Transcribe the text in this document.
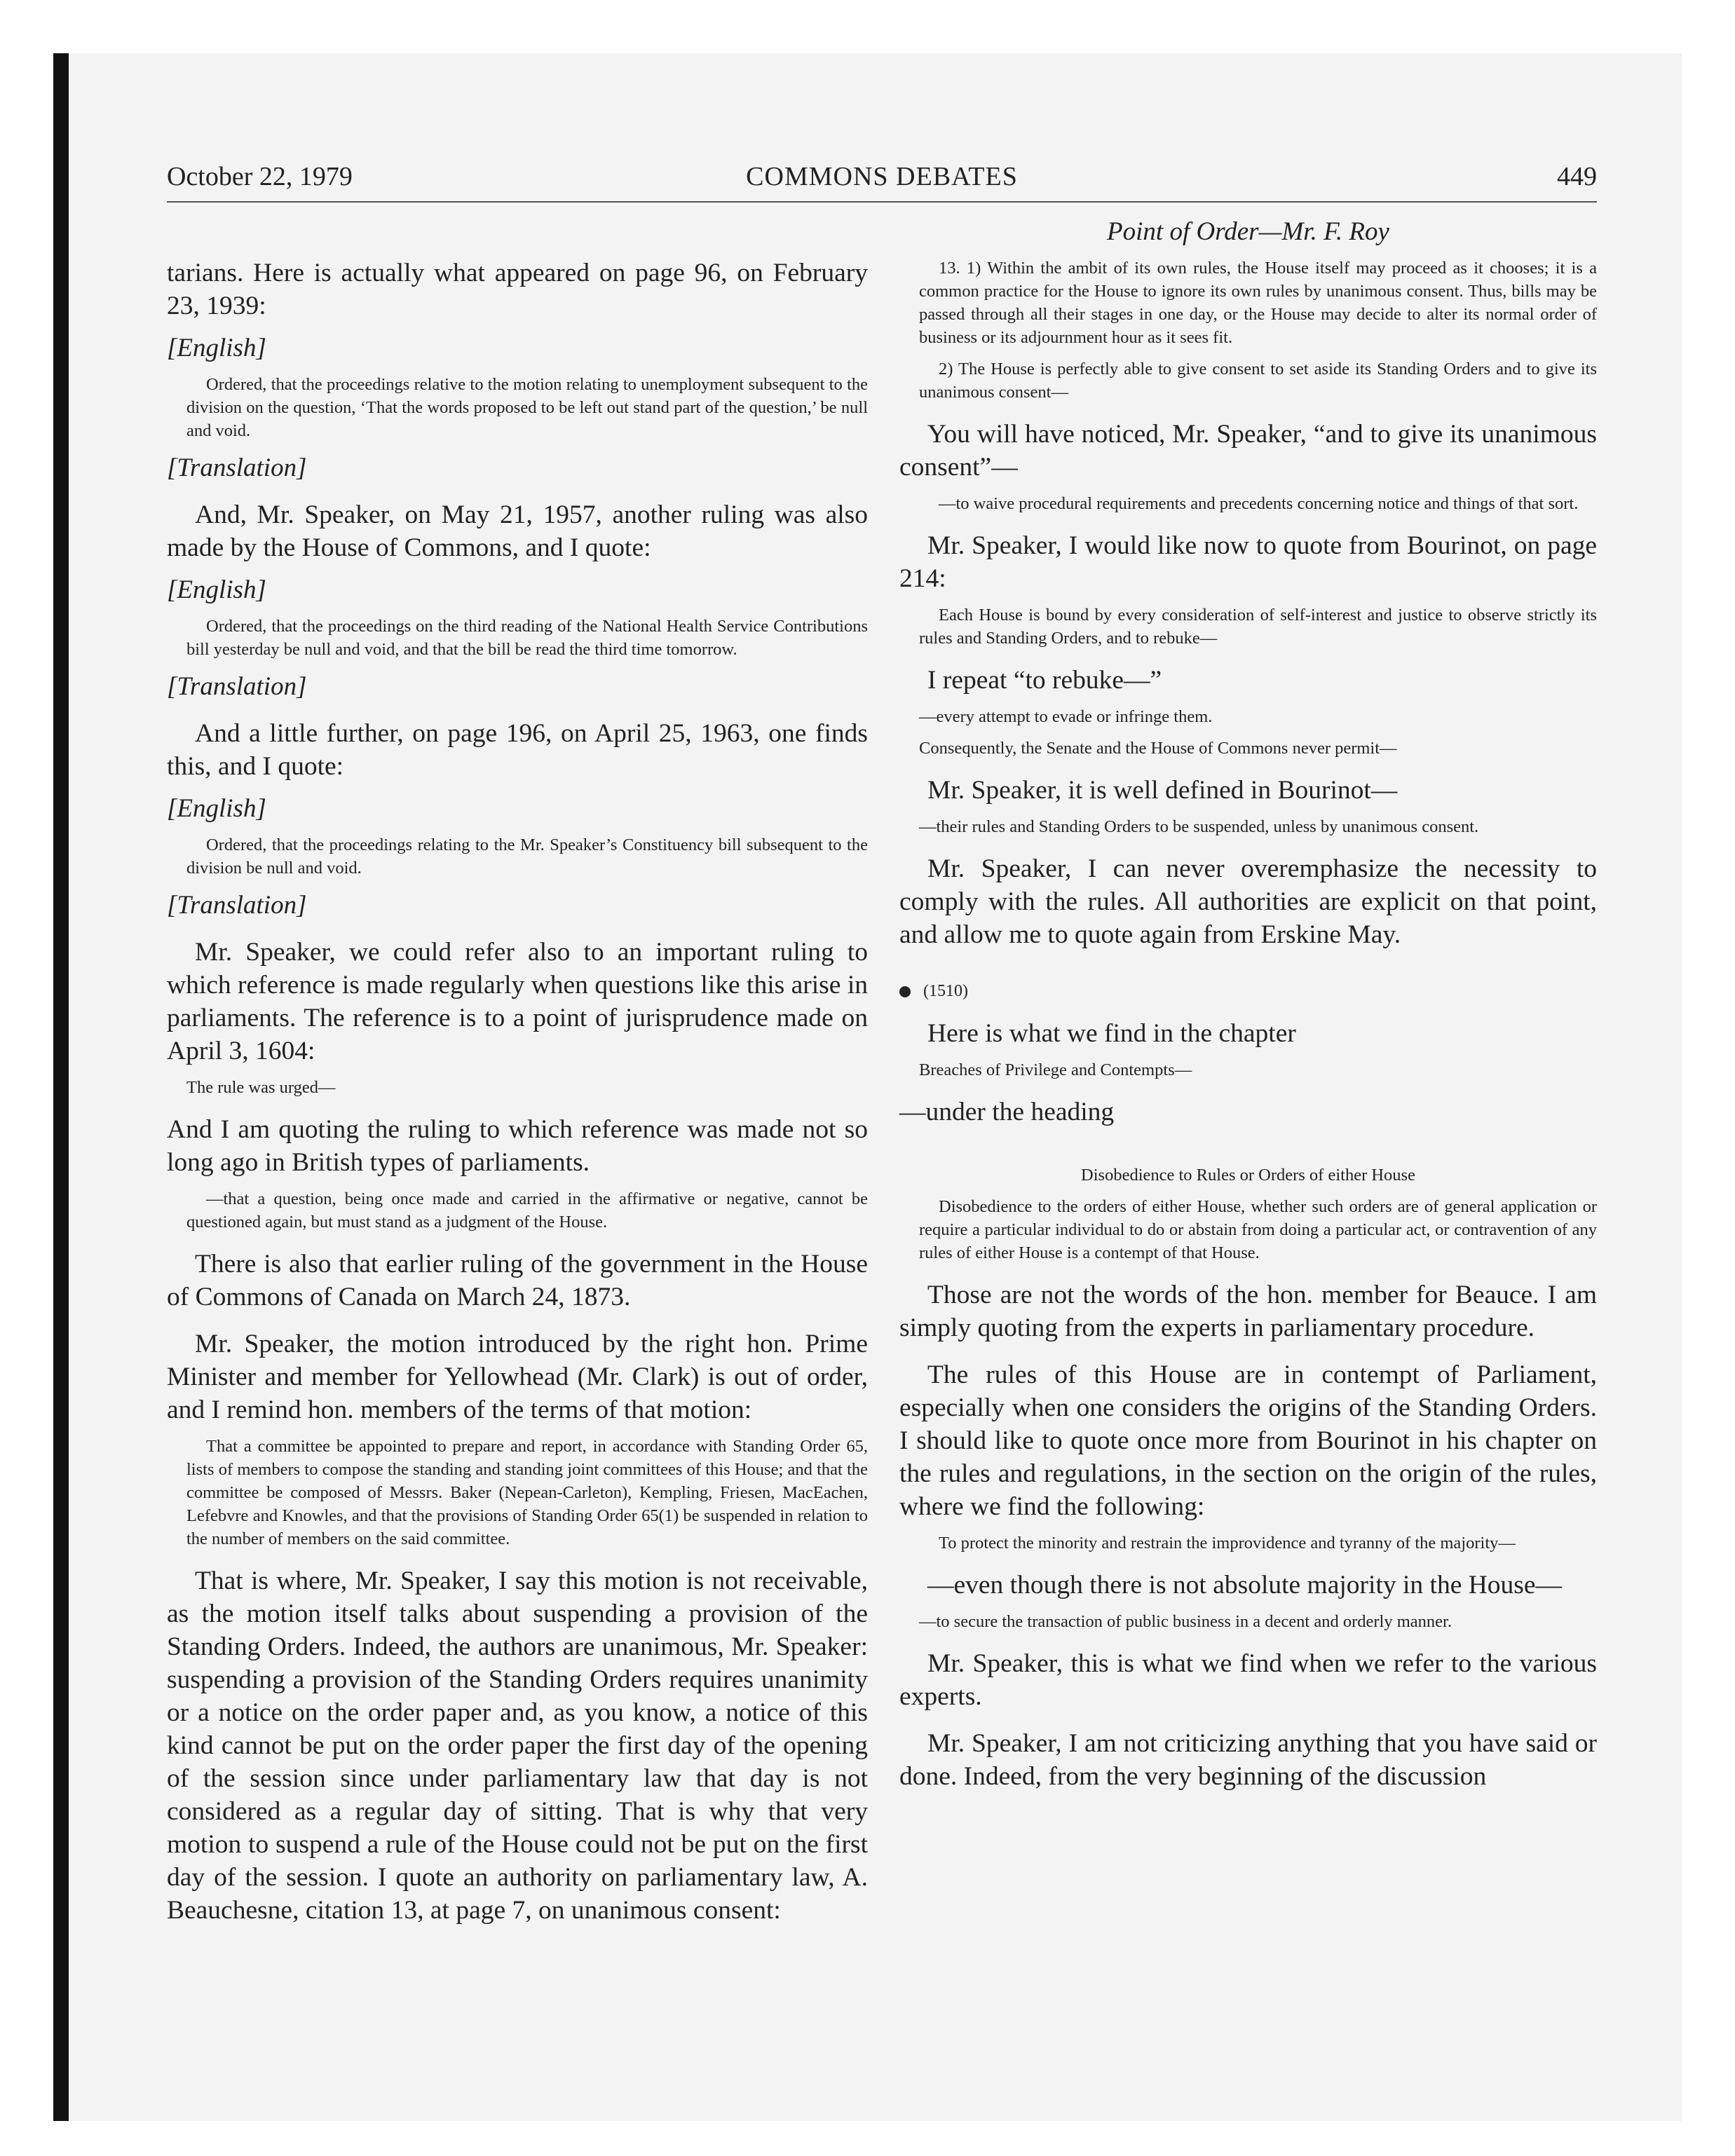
October 22, 1979	COMMONS DEBATES	449

tarians. Here is actually what appeared on page 96, on February 23, 1939:

[English]

Ordered, that the proceedings relative to the motion relating to unemployment subsequent to the division on the question, ‘That the words proposed to be left out stand part of the question,’ be null and void.

[Translation]

And, Mr. Speaker, on May 21, 1957, another ruling was also made by the House of Commons, and I quote:

[English]

Ordered, that the proceedings on the third reading of the National Health Service Contributions bill yesterday be null and void, and that the bill be read the third time tomorrow.

[Translation]

And a little further, on page 196, on April 25, 1963, one finds this, and I quote:

[English]

Ordered, that the proceedings relating to the Mr. Speaker’s Constituency bill subsequent to the division be null and void.

[Translation]

Mr. Speaker, we could refer also to an important ruling to which reference is made regularly when questions like this arise in parliaments. The reference is to a point of jurisprudence made on April 3, 1604:

The rule was urged—

And I am quoting the ruling to which reference was made not so long ago in British types of parliaments.

—that a question, being once made and carried in the affirmative or negative, cannot be questioned again, but must stand as a judgment of the House.

There is also that earlier ruling of the government in the House of Commons of Canada on March 24, 1873.

Mr. Speaker, the motion introduced by the right hon. Prime Minister and member for Yellowhead (Mr. Clark) is out of order, and I remind hon. members of the terms of that motion:

That a committee be appointed to prepare and report, in accordance with Standing Order 65, lists of members to compose the standing and standing joint committees of this House; and that the committee be composed of Messrs. Baker (Nepean-Carleton), Kempling, Friesen, MacEachen, Lefebvre and Knowles, and that the provisions of Standing Order 65(1) be suspended in relation to the number of members on the said committee.

That is where, Mr. Speaker, I say this motion is not receivable, as the motion itself talks about suspending a provision of the Standing Orders. Indeed, the authors are unanimous, Mr. Speaker: suspending a provision of the Standing Orders requires unanimity or a notice on the order paper and, as you know, a notice of this kind cannot be put on the order paper the first day of the opening of the session since under parliamentary law that day is not considered as a regular day of sitting. That is why that very motion to suspend a rule of the House could not be put on the first day of the session. I quote an authority on parliamentary law, A. Beauchesne, citation 13, at page 7, on unanimous consent:

Point of Order—Mr. F. Roy

13. 1) Within the ambit of its own rules, the House itself may proceed as it chooses; it is a common practice for the House to ignore its own rules by unanimous consent. Thus, bills may be passed through all their stages in one day, or the House may decide to alter its normal order of business or its adjournment hour as it sees fit.

2) The House is perfectly able to give consent to set aside its Standing Orders and to give its unanimous consent—

You will have noticed, Mr. Speaker, “and to give its unanimous consent”—

—to waive procedural requirements and precedents concerning notice and things of that sort.

Mr. Speaker, I would like now to quote from Bourinot, on page 214:

Each House is bound by every consideration of self-interest and justice to observe strictly its rules and Standing Orders, and to rebuke—

I repeat “to rebuke—”

—every attempt to evade or infringe them.

Consequently, the Senate and the House of Commons never permit—

Mr. Speaker, it is well defined in Bourinot—

—their rules and Standing Orders to be suspended, unless by unanimous consent.

Mr. Speaker, I can never overemphasize the necessity to comply with the rules. All authorities are explicit on that point, and allow me to quote again from Erskine May.

(1510)

Here is what we find in the chapter

Breaches of Privilege and Contempts—

—under the heading

Disobedience to Rules or Orders of either House

Disobedience to the orders of either House, whether such orders are of general application or require a particular individual to do or abstain from doing a particular act, or contravention of any rules of either House is a contempt of that House.

Those are not the words of the hon. member for Beauce. I am simply quoting from the experts in parliamentary procedure.

The rules of this House are in contempt of Parliament, especially when one considers the origins of the Standing Orders. I should like to quote once more from Bourinot in his chapter on the rules and regulations, in the section on the origin of the rules, where we find the following:

To protect the minority and restrain the improvidence and tyranny of the majority—

—even though there is not absolute majority in the House—

—to secure the transaction of public business in a decent and orderly manner.

Mr. Speaker, this is what we find when we refer to the various experts.

Mr. Speaker, I am not criticizing anything that you have said or done. Indeed, from the very beginning of the discussion
